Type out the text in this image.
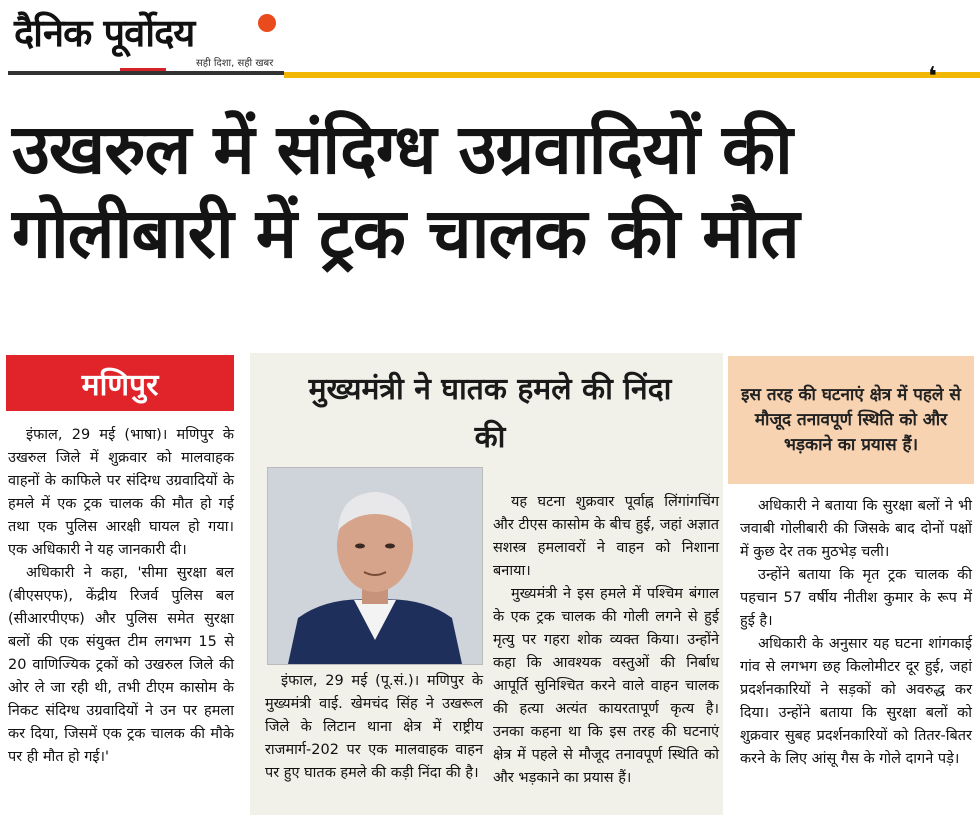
दैनिक पूर्वोदय
सही दिशा, सही खबर	❛
उखरुल में संदिग्ध उग्रवादियों की
गोलीबारी में ट्रक चालक की मौत
मणिपुर

इंफाल, 29 मई (भाषा)। मणिपुर के उखरुल जिले में शुक्रवार को मालवाहक वाहनों के काफिले पर संदिग्ध उग्रवादियों के हमले में एक ट्रक चालक की मौत हो गई तथा एक पुलिस आरक्षी घायल हो गया। एक अधिकारी ने यह जानकारी दी।

अधिकारी ने कहा, 'सीमा सुरक्षा बल (बीएसएफ), केंद्रीय रिजर्व पुलिस बल (सीआरपीएफ) और पुलिस समेत सुरक्षा बलों की एक संयुक्त टीम लगभग 15 से 20 वाणिज्यिक ट्रकों को उखरुल जिले की ओर ले जा रही थी, तभी टीएम कासोम के निकट संदिग्ध उग्रवादियों ने उन पर हमला कर दिया, जिसमें एक ट्रक चालक की मौके पर ही मौत हो गई।'

मुख्यमंत्री ने घातक हमले की निंदा की

इंफाल, 29 मई (पू.सं.)। मणिपुर के मुख्यमंत्री वाई. खेमचंद सिंह ने उखरूल जिले के लिटान थाना क्षेत्र में राष्ट्रीय राजमार्ग-202 पर एक मालवाहक वाहन पर हुए घातक हमले की कड़ी निंदा की है।

यह घटना शुक्रवार पूर्वाह्न लिंगांगचिंग और टीएस कासोम के बीच हुई, जहां अज्ञात सशस्त्र हमलावरों ने वाहन को निशाना बनाया।

मुख्यमंत्री ने इस हमले में पश्चिम बंगाल के एक ट्रक चालक की गोली लगने से हुई मृत्यु पर गहरा शोक व्यक्त किया। उन्होंने कहा कि आवश्यक वस्तुओं की निर्बाध आपूर्ति सुनिश्चित करने वाले वाहन चालक की हत्या अत्यंत कायरतापूर्ण कृत्य है। उनका कहना था कि इस तरह की घटनाएं क्षेत्र में पहले से मौजूद तनावपूर्ण स्थिति को और भड़काने का प्रयास हैं।

इस तरह की घटनाएं क्षेत्र में पहले से मौजूद तनावपूर्ण स्थिति को और भड़काने का प्रयास हैं।

अधिकारी ने बताया कि सुरक्षा बलों ने भी जवाबी गोलीबारी की जिसके बाद दोनों पक्षों में कुछ देर तक मुठभेड़ चली।

उन्होंने बताया कि मृत ट्रक चालक की पहचान 57 वर्षीय नीतीश कुमार के रूप में हुई है।

अधिकारी के अनुसार यह घटना शांगकाई गांव से लगभग छह किलोमीटर दूर हुई, जहां प्रदर्शनकारियों ने सड़कों को अवरुद्ध कर दिया। उन्होंने बताया कि सुरक्षा बलों को शुक्रवार सुबह प्रदर्शनकारियों को तितर-बितर करने के लिए आंसू गैस के गोले दागने पड़े।
